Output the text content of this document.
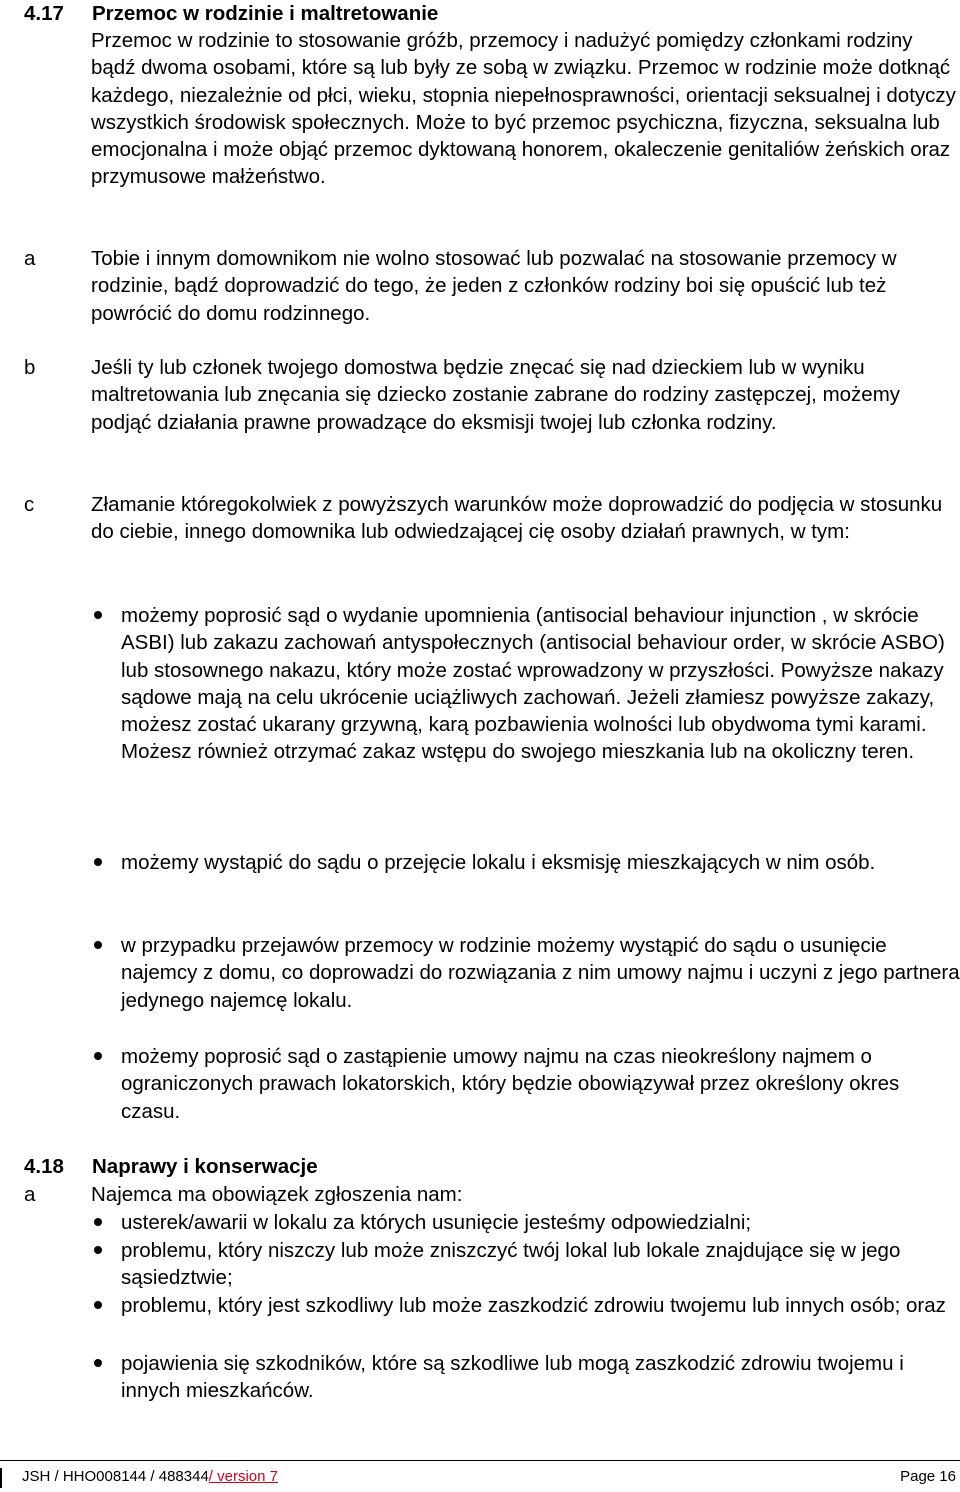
4.17 Przemoc w rodzinie i maltretowanie
Przemoc w rodzinie to stosowanie gróźb, przemocy i nadużyć pomiędzy członkami rodziny bądź dwoma osobami, które są lub były ze sobą w związku. Przemoc w rodzinie może dotknąć każdego, niezależnie od płci, wieku, stopnia niepełnosprawności, orientacji seksualnej i dotyczy wszystkich środowisk społecznych. Może to być przemoc psychiczna, fizyczna, seksualna lub emocjonalna i może objąć przemoc dyktowaną honorem, okaleczenie genitaliów żeńskich oraz przymusowe małżeństwo.
a	Tobie i innym domownikom nie wolno stosować lub pozwalać na stosowanie przemocy w rodzinie, bądź doprowadzić do tego, że jeden z członków rodziny boi się opuścić lub też powrócić do domu rodzinnego.
b	Jeśli ty lub członek twojego domostwa będzie znęcać się nad dzieckiem lub w wyniku maltretowania lub znęcania się dziecko zostanie zabrane do rodziny zastępczej, możemy podjąć działania prawne prowadzące do eksmisji twojej lub członka rodziny.
c	Złamanie któregokolwiek z powyższych warunków może doprowadzić do podjęcia w stosunku do ciebie, innego domownika lub odwiedzającej cię osoby działań prawnych, w tym:
możemy poprosić sąd o wydanie upomnienia (antisocial behaviour injunction , w skrócie ASBI) lub zakazu zachowań antyspołecznych (antisocial behaviour order, w skrócie ASBO) lub stosownego nakazu, który może zostać wprowadzony w przyszłości. Powyższe nakazy sądowe mają na celu ukrócenie uciążliwych zachowań. Jeżeli złamiesz powyższe zakazy, możesz zostać ukarany grzywną, karą pozbawienia wolności lub obydwoma tymi karami. Możesz również otrzymać zakaz wstępu do swojego mieszkania lub na okoliczny teren.
możemy wystąpić do sądu o przejęcie lokalu i eksmisję mieszkających w nim osób.
w przypadku przejawów przemocy w rodzinie możemy wystąpić do sądu o usunięcie najemcy z domu, co doprowadzi do rozwiązania z nim umowy najmu i uczyni z jego partnera jedynego najemcę lokalu.
możemy poprosić sąd o zastąpienie umowy najmu na czas nieokreślony najmem o ograniczonych prawach lokatorskich, który będzie obowiązywał przez określony okres czasu.
4.18 Naprawy i konserwacje
a	Najemca ma obowiązek zgłoszenia nam:
usterek/awarii w lokalu za których usunięcie jesteśmy odpowiedzialni;
problemu, który niszczy lub może zniszczyć twój lokal lub lokale znajdujące się w jego sąsiedztwie;
problemu, który jest szkodliwy lub może zaszkodzić zdrowiu twojemu lub innych osób; oraz
pojawienia się szkodników, które są szkodliwe lub mogą zaszkodzić zdrowiu twojemu i innych mieszkańców.
JSH / HHO008144 / 488344/ version 7	Page 16
